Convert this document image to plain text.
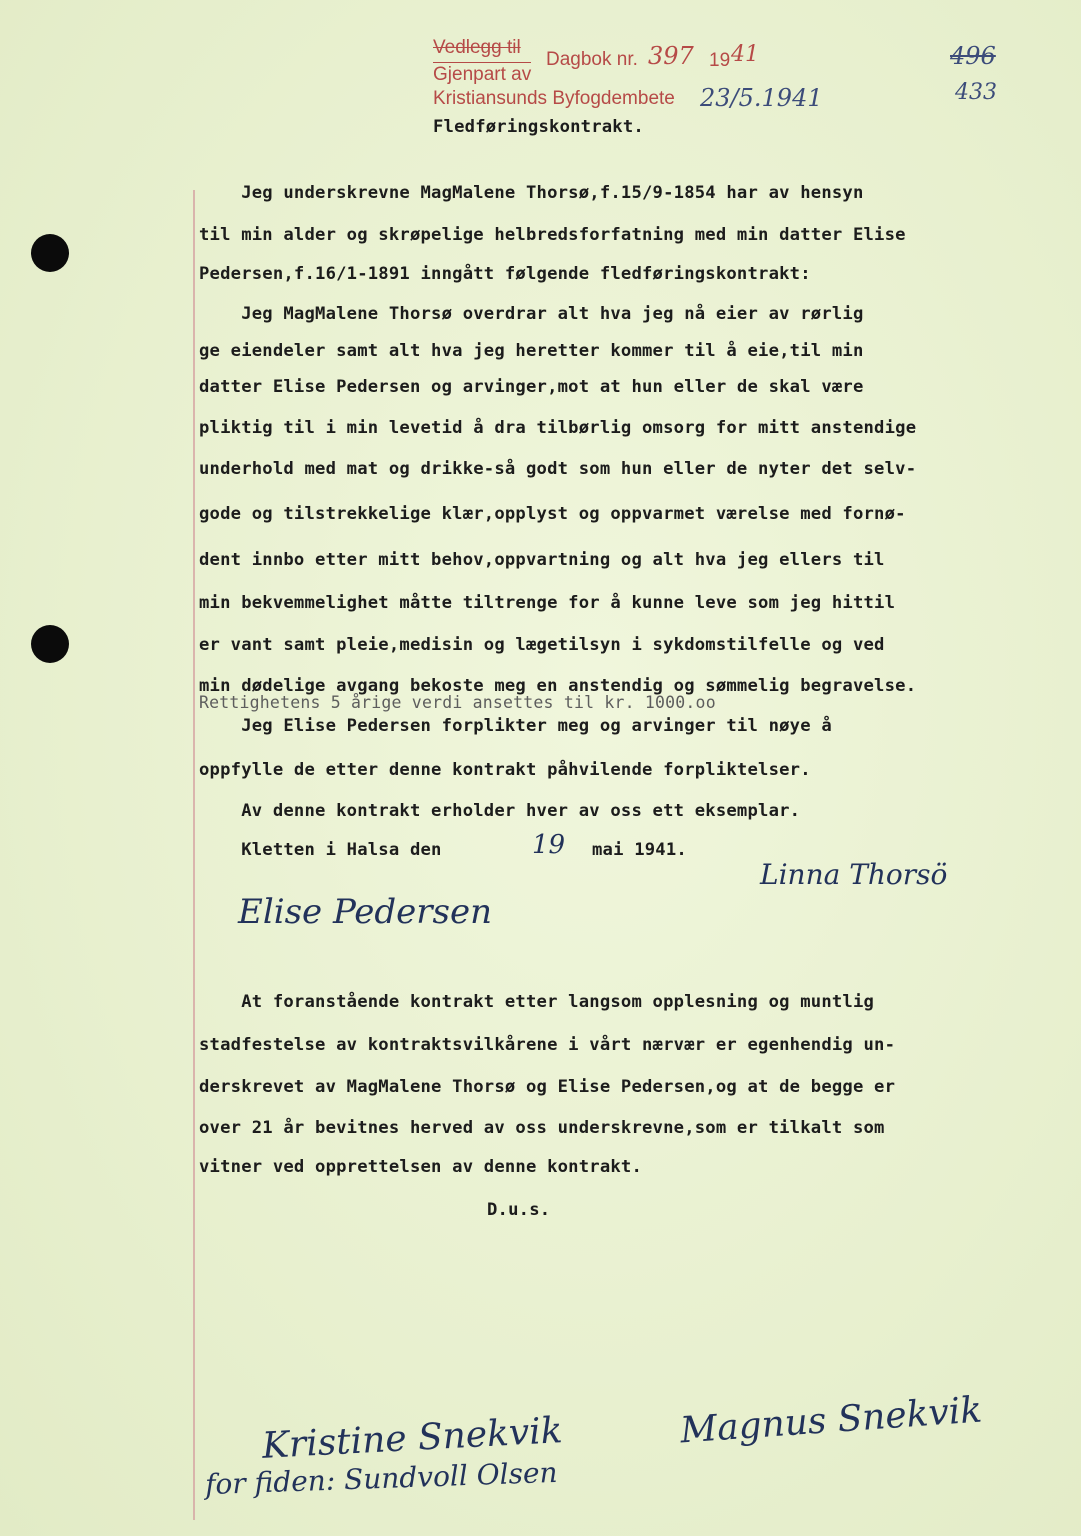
Vedlegg til
Gjenpart av
Dagbok nr. 397 19 41
Kristiansunds Byfogdembete 23/5.1941
496
433
Fledføringskontrakt.
Jeg underskrevne MagMalene Thorsø,f.15/9-1854 har av hensyn
til min alder og skrøpelige helbredsforfatning med min datter Elise
Pedersen,f.16/1-1891 inngått følgende fledføringskontrakt:
Jeg MagMalene Thorsø overdrar alt hva jeg nå eier av rørlig
ge eiendeler samt alt hva jeg heretter kommer til å eie,til min
datter Elise Pedersen og arvinger,mot at hun eller de skal være
pliktig til i min levetid å dra tilbørlig omsorg for mitt anstendige
underhold med mat og drikke-så godt som hun eller de nyter det selv-
gode og tilstrekkelige klær,opplyst og oppvarmet værelse med fornø-
dent innbo etter mitt behov,oppvartning og alt hva jeg ellers til
min bekvemmelighet måtte tiltrenge for å kunne leve som jeg hittil
er vant samt pleie,medisin og lægetilsyn i sykdomstilfelle og ved
min dødelige avgang bekoste meg en anstendig og sømmelig begravelse.
Rettighetens 5 årige verdi ansettes til kr. 1000.oo
Jeg Elise Pedersen forplikter meg og arvinger til nøye å
oppfylle de etter denne kontrakt påhvilende forpliktelser.
Av denne kontrakt erholder hver av oss ett eksemplar.
Kletten i Halsa den	19 mai 1941.
Linna Thorsö
Elise Pedersen
At foranstående kontrakt etter langsom opplesning og muntlig
stadfestelse av kontraktsvilkårene i vårt nærvær er egenhendig un-
derskrevet av MagMalene Thorsø og Elise Pedersen,og at de begge er
over 21 år bevitnes herved av oss underskrevne,som er tilkalt som
vitner ved opprettelsen av denne kontrakt.
D.u.s.
Kristine Snekvik	Magnus Snekvik
for fiden: Sundvoll Olsen
